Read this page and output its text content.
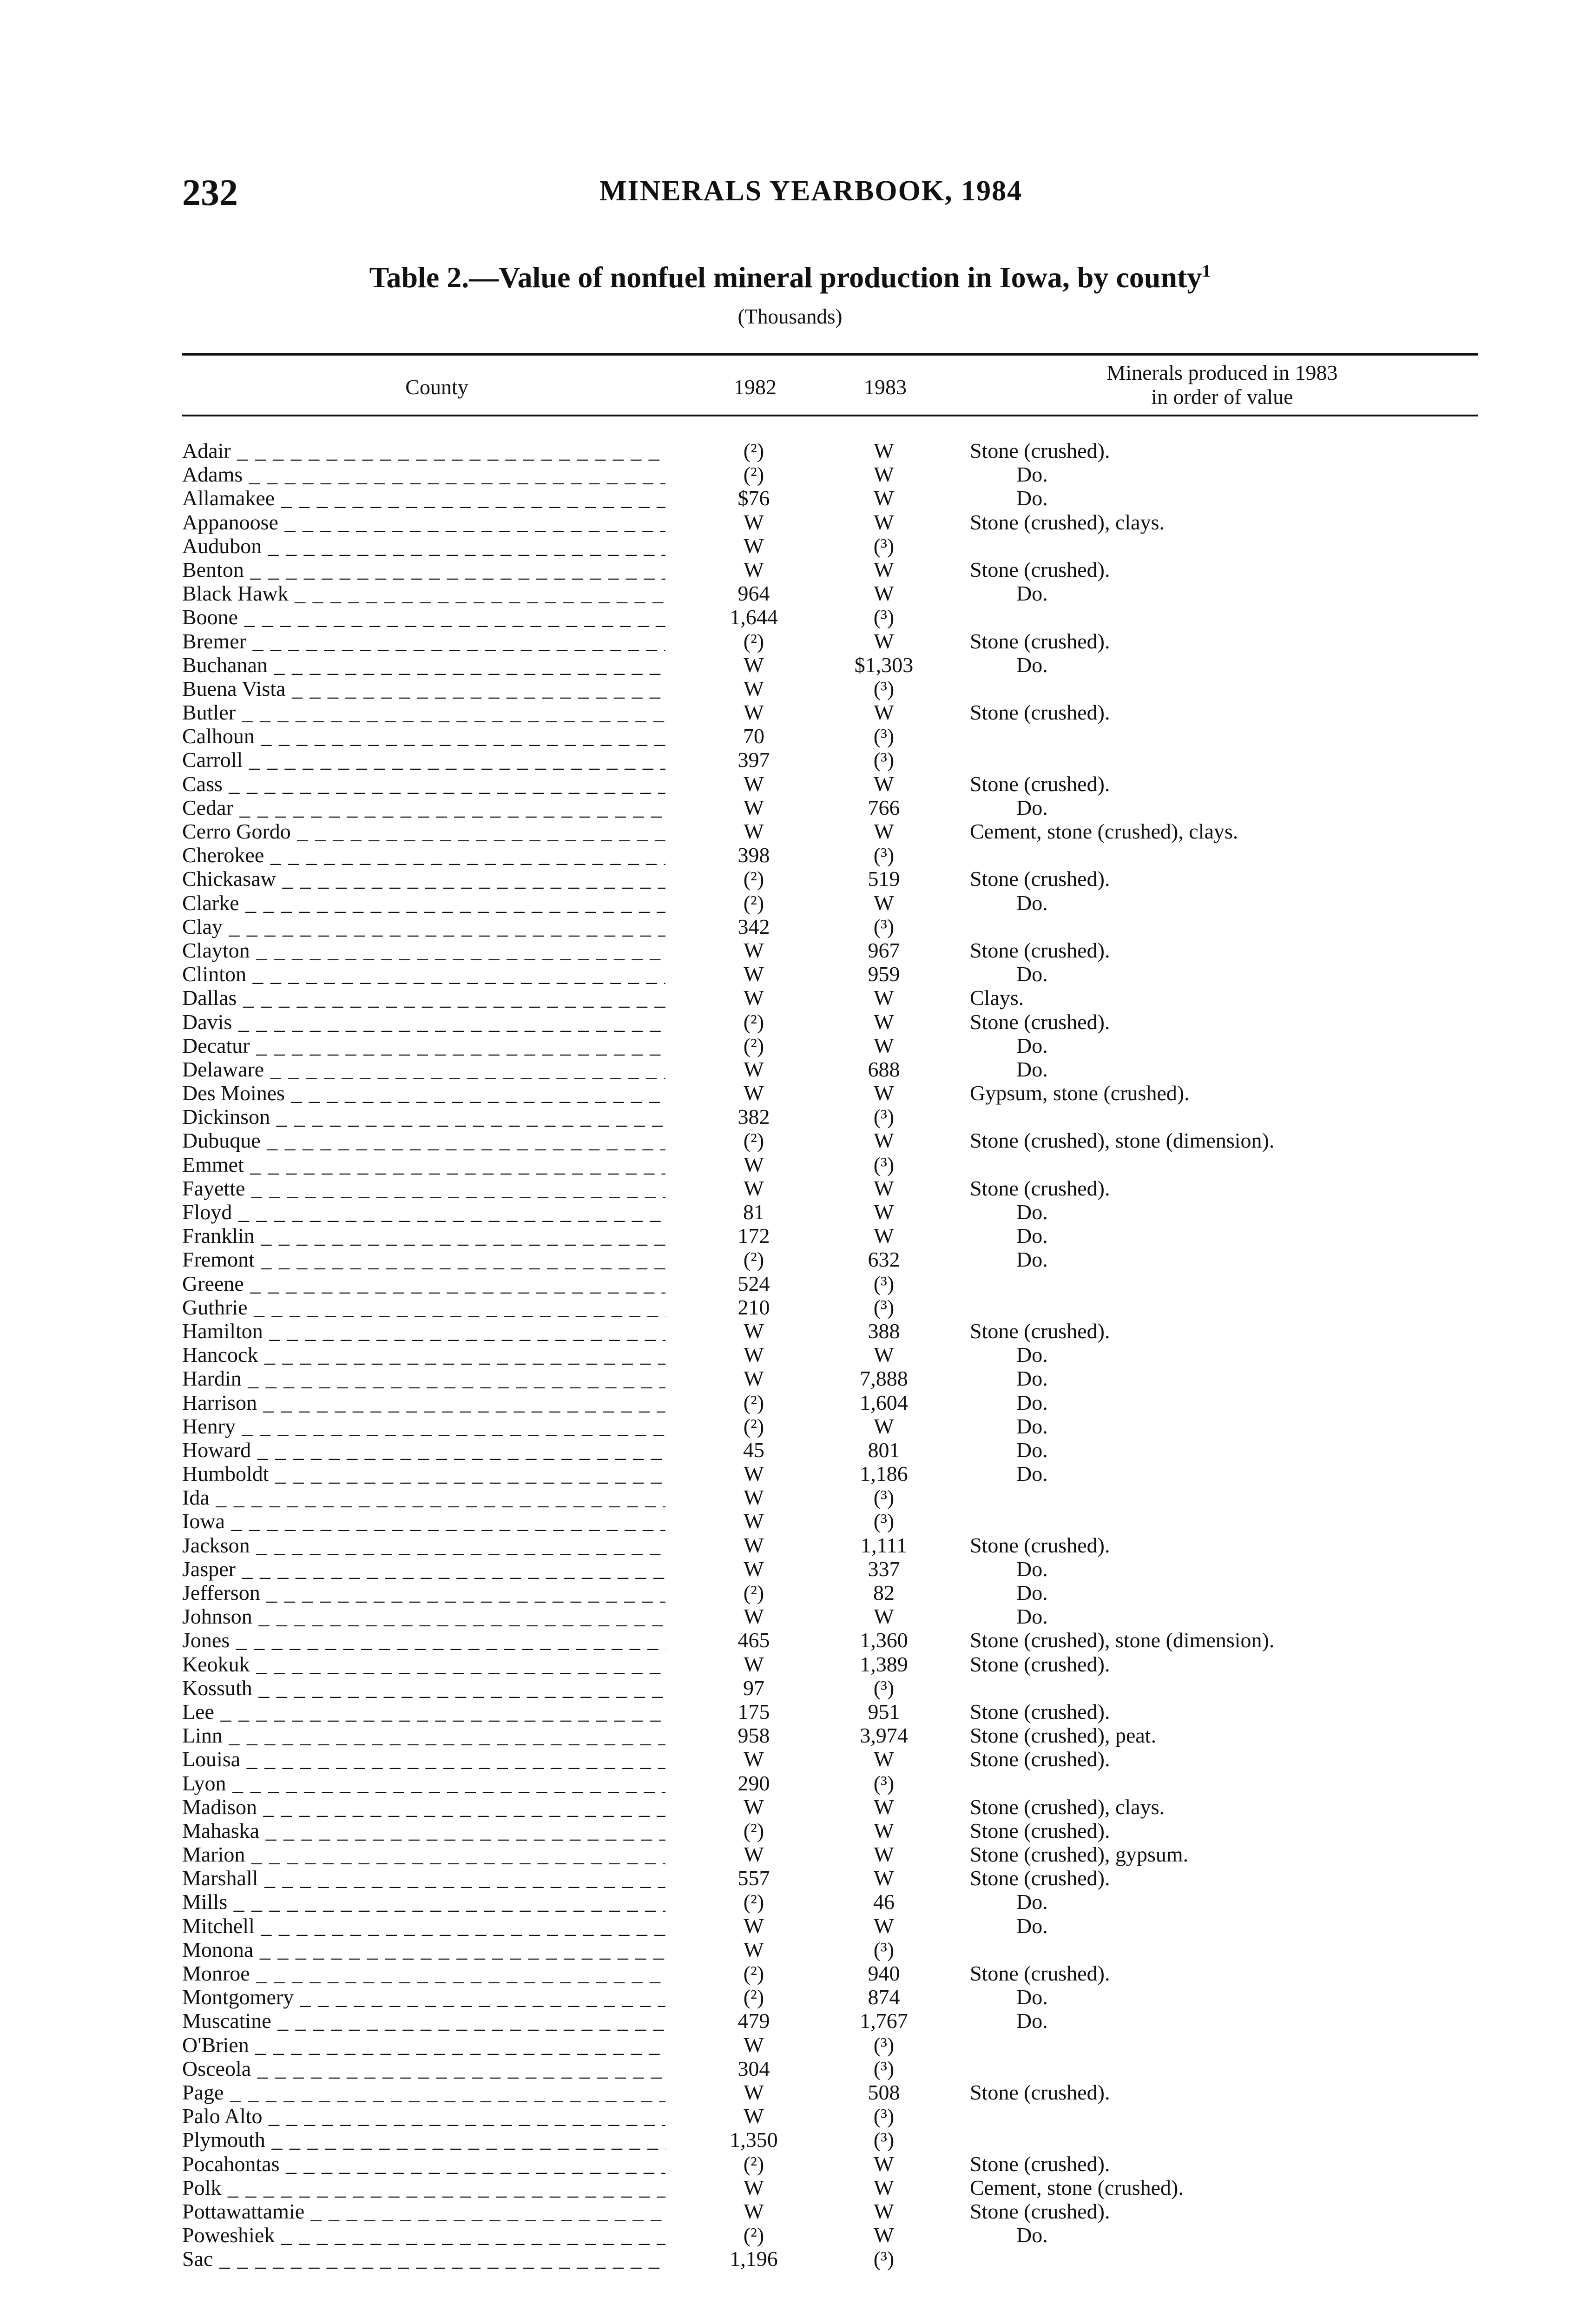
232	MINERALS YEARBOOK, 1984
Table 2.—Value of nonfuel mineral production in Iowa, by county$^1$
(Thousands)
County	1982	1983
Minerals produced in 1983
in order of value
Adair _ _ _	(²)	W	Stone (crushed).
Adams _ _ _	(²)	W	Do.
Allamakee _ _ _	$76	W	Do.
Appanoose _ _ _	W	W	Stone (crushed), clays.
Audubon _ _ _	W	(³)
Benton _ _ _	W	W	Stone (crushed).
Black Hawk _ _ _	964	W	Do.
Boone _ _ _	1,644	(³)
Bremer _ _ _	(²)	W	Stone (crushed).
Buchanan _ _ _	W	$1,303	Do.
Buena Vista _ _ _	W	(³)
Butler _ _ _	W	W	Stone (crushed).
Calhoun _ _ _	70	(³)
Carroll _ _ _	397	(³)
Cass _ _ _	W	W	Stone (crushed).
Cedar _ _ _	W	766	Do.
Cerro Gordo _ _ _	W	W	Cement, stone (crushed), clays.
Cherokee _ _ _	398	(³)
Chickasaw _ _ _	(²)	519	Stone (crushed).
Clarke _ _ _	(²)	W	Do.
Clay _ _ _	342	(³)
Clayton _ _ _	W	967	Stone (crushed).
Clinton _ _ _	W	959	Do.
Dallas _ _ _	W	W	Clays.
Davis _ _ _	(²)	W	Stone (crushed).
Decatur _ _ _	(²)	W	Do.
Delaware _ _ _	W	688	Do.
Des Moines _ _ _	W	W	Gypsum, stone (crushed).
Dickinson _ _ _	382	(³)
Dubuque _ _ _	(²)	W	Stone (crushed), stone (dimension).
Emmet _ _ _	W	(³)
Fayette _ _ _	W	W	Stone (crushed).
Floyd _ _ _	81	W	Do.
Franklin _ _ _	172	W	Do.
Fremont _ _ _	(²)	632	Do.
Greene _ _ _	524	(³)
Guthrie _ _ _	210	(³)
Hamilton _ _ _	W	388	Stone (crushed).
Hancock _ _ _	W	W	Do.
Hardin _ _ _	W	7,888	Do.
Harrison _ _ _	(²)	1,604	Do.
Henry _ _ _	(²)	W	Do.
Howard _ _ _	45	801	Do.
Humboldt _ _ _	W	1,186	Do.
Ida _ _ _	W	(³)
Iowa _ _ _	W	(³)
Jackson _ _ _	W	1,111	Stone (crushed).
Jasper _ _ _	W	337	Do.
Jefferson _ _ _	(²)	82	Do.
Johnson _ _ _	W	W	Do.
Jones _ _ _	465	1,360	Stone (crushed), stone (dimension).
Keokuk _ _ _	W	1,389	Stone (crushed).
Kossuth _ _ _	97	(³)
Lee _ _ _	175	951	Stone (crushed).
Linn _ _ _	958	3,974	Stone (crushed), peat.
Louisa _ _ _	W	W	Stone (crushed).
Lyon _ _ _	290	(³)
Madison _ _ _	W	W	Stone (crushed), clays.
Mahaska _ _ _	(²)	W	Stone (crushed).
Marion _ _ _	W	W	Stone (crushed), gypsum.
Marshall _ _ _	557	W	Stone (crushed).
Mills _ _ _	(²)	46	Do.
Mitchell _ _ _	W	W	Do.
Monona _ _ _	W	(³)
Monroe _ _ _	(²)	940	Stone (crushed).
Montgomery _ _ _	(²)	874	Do.
Muscatine _ _ _	479	1,767	Do.
O'Brien _ _ _	W	(³)
Osceola _ _ _	304	(³)
Page _ _ _	W	508	Stone (crushed).
Palo Alto _ _ _	W	(³)
Plymouth _ _ _	1,350	(³)
Pocahontas _ _ _	(²)	W	Stone (crushed).
Polk _ _ _	W	W	Cement, stone (crushed).
Pottawattamie _ _ _	W	W	Stone (crushed).
Poweshiek _ _ _	(²)	W	Do.
Sac _ _ _	1,196	(³)
